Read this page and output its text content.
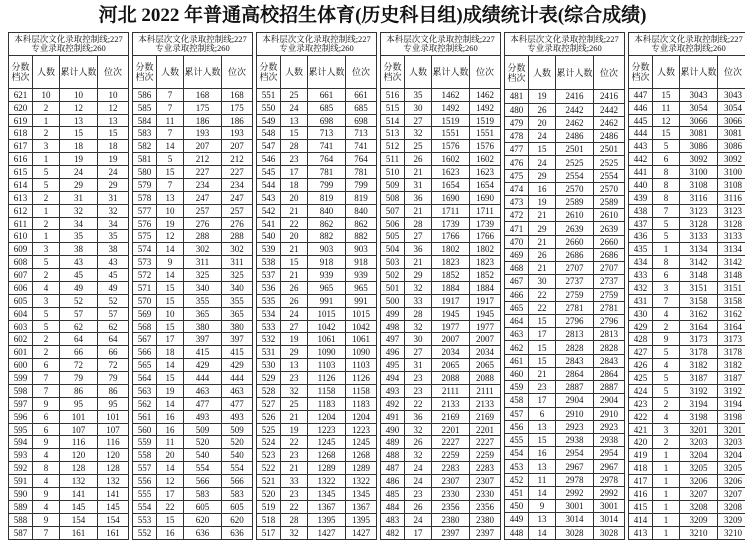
河北 2022 年普通高校招生体育(历史科目组)成绩统计表(综合成绩)
本科层次文化录取控制线;227
专业录取控制线;260			

分数档次	人数	累计人数	位次
621	10	10	10
620	2	12	12
619	1	13	13
618	2	15	15
617	3	18	18
616	1	19	19
615	5	24	24
614	5	29	29
613	2	31	31
612	1	32	32
611	2	34	34
610	1	35	35
609	3	38	38
608	5	43	43
607	2	45	45
606	4	49	49
605	3	52	52
604	5	57	57
603	5	62	62
602	2	64	64
601	2	66	66
600	6	72	72
599	7	79	79
598	7	86	86
597	9	95	95
596	6	101	101
595	6	107	107
594	9	116	116
593	4	120	120
592	8	128	128
591	4	132	132
590	9	141	141
589	4	145	145
588	9	154	154
587	7	161	161
本科层次文化录取控制线;227
专业录取控制线;260			

分数档次	人数	累计人数	位次
586	7	168	168
585	7	175	175
584	11	186	186
583	7	193	193
582	14	207	207
581	5	212	212
580	15	227	227
579	7	234	234
578	13	247	247
577	10	257	257
576	19	276	276
575	12	288	288
574	14	302	302
573	9	311	311
572	14	325	325
571	15	340	340
570	15	355	355
569	10	365	365
568	15	380	380
567	17	397	397
566	18	415	415
565	14	429	429
564	15	444	444
563	19	463	463
562	14	477	477
561	16	493	493
560	16	509	509
559	11	520	520
558	20	540	540
557	14	554	554
556	12	566	566
555	17	583	583
554	22	605	605
553	15	620	620
552	16	636	636
本科层次文化录取控制线;227
专业录取控制线;260			

分数档次	人数	累计人数	位次
551	25	661	661
550	24	685	685
549	13	698	698
548	15	713	713
547	28	741	741
546	23	764	764
545	17	781	781
544	18	799	799
543	20	819	819
542	21	840	840
541	22	862	862
540	20	882	882
539	21	903	903
538	15	918	918
537	21	939	939
536	26	965	965
535	26	991	991
534	24	1015	1015
533	27	1042	1042
532	19	1061	1061
531	29	1090	1090
530	13	1103	1103
529	23	1126	1126
528	32	1158	1158
527	25	1183	1183
526	21	1204	1204
525	19	1223	1223
524	22	1245	1245
523	23	1268	1268
522	21	1289	1289
521	33	1322	1322
520	23	1345	1345
519	22	1367	1367
518	28	1395	1395
517	32	1427	1427
本科层次文化录取控制线;227
专业录取控制线;260			

分数档次	人数	累计人数	位次
516	35	1462	1462
515	30	1492	1492
514	27	1519	1519
513	32	1551	1551
512	25	1576	1576
511	26	1602	1602
510	21	1623	1623
509	31	1654	1654
508	36	1690	1690
507	21	1711	1711
506	28	1739	1739
505	27	1766	1766
504	36	1802	1802
503	21	1823	1823
502	29	1852	1852
501	32	1884	1884
500	33	1917	1917
499	28	1945	1945
498	32	1977	1977
497	30	2007	2007
496	27	2034	2034
495	31	2065	2065
494	23	2088	2088
493	23	2111	2111
492	22	2133	2133
491	36	2169	2169
490	32	2201	2201
489	26	2227	2227
488	32	2259	2259
487	24	2283	2283
486	24	2307	2307
485	23	2330	2330
484	26	2356	2356
483	24	2380	2380
482	17	2397	2397
本科层次文化录取控制线;227
专业录取控制线;260			

分数档次	人数	累计人数	位次
481	19	2416	2416
480	26	2442	2442
479	20	2462	2462
478	24	2486	2486
477	15	2501	2501
476	24	2525	2525
475	29	2554	2554
474	16	2570	2570
473	19	2589	2589
472	21	2610	2610
471	29	2639	2639
470	21	2660	2660
469	26	2686	2686
468	21	2707	2707
467	30	2737	2737
466	22	2759	2759
465	22	2781	2781
464	15	2796	2796
463	17	2813	2813
462	15	2828	2828
461	15	2843	2843
460	21	2864	2864
459	23	2887	2887
458	17	2904	2904
457	6	2910	2910
456	13	2923	2923
455	15	2938	2938
454	16	2954	2954
453	13	2967	2967
452	11	2978	2978
451	14	2992	2992
450	9	3001	3001
449	13	3014	3014
448	14	3028	3028
本科层次文化录取控制线;227
专业录取控制线;260			

分数档次	人数	累计人数	位次
447	15	3043	3043
446	11	3054	3054
445	12	3066	3066
444	15	3081	3081
443	5	3086	3086
442	6	3092	3092
441	8	3100	3100
440	8	3108	3108
439	8	3116	3116
438	7	3123	3123
437	5	3128	3128
436	5	3133	3133
435	1	3134	3134
434	8	3142	3142
433	6	3148	3148
432	3	3151	3151
431	7	3158	3158
430	4	3162	3162
429	2	3164	3164
428	9	3173	3173
427	5	3178	3178
426	4	3182	3182
425	5	3187	3187
424	5	3192	3192
423	2	3194	3194
422	4	3198	3198
421	3	3201	3201
420	2	3203	3203
419	1	3204	3204
418	1	3205	3205
417	1	3206	3206
416	1	3207	3207
415	1	3208	3208
414	1	3209	3209
413	1	3210	3210
